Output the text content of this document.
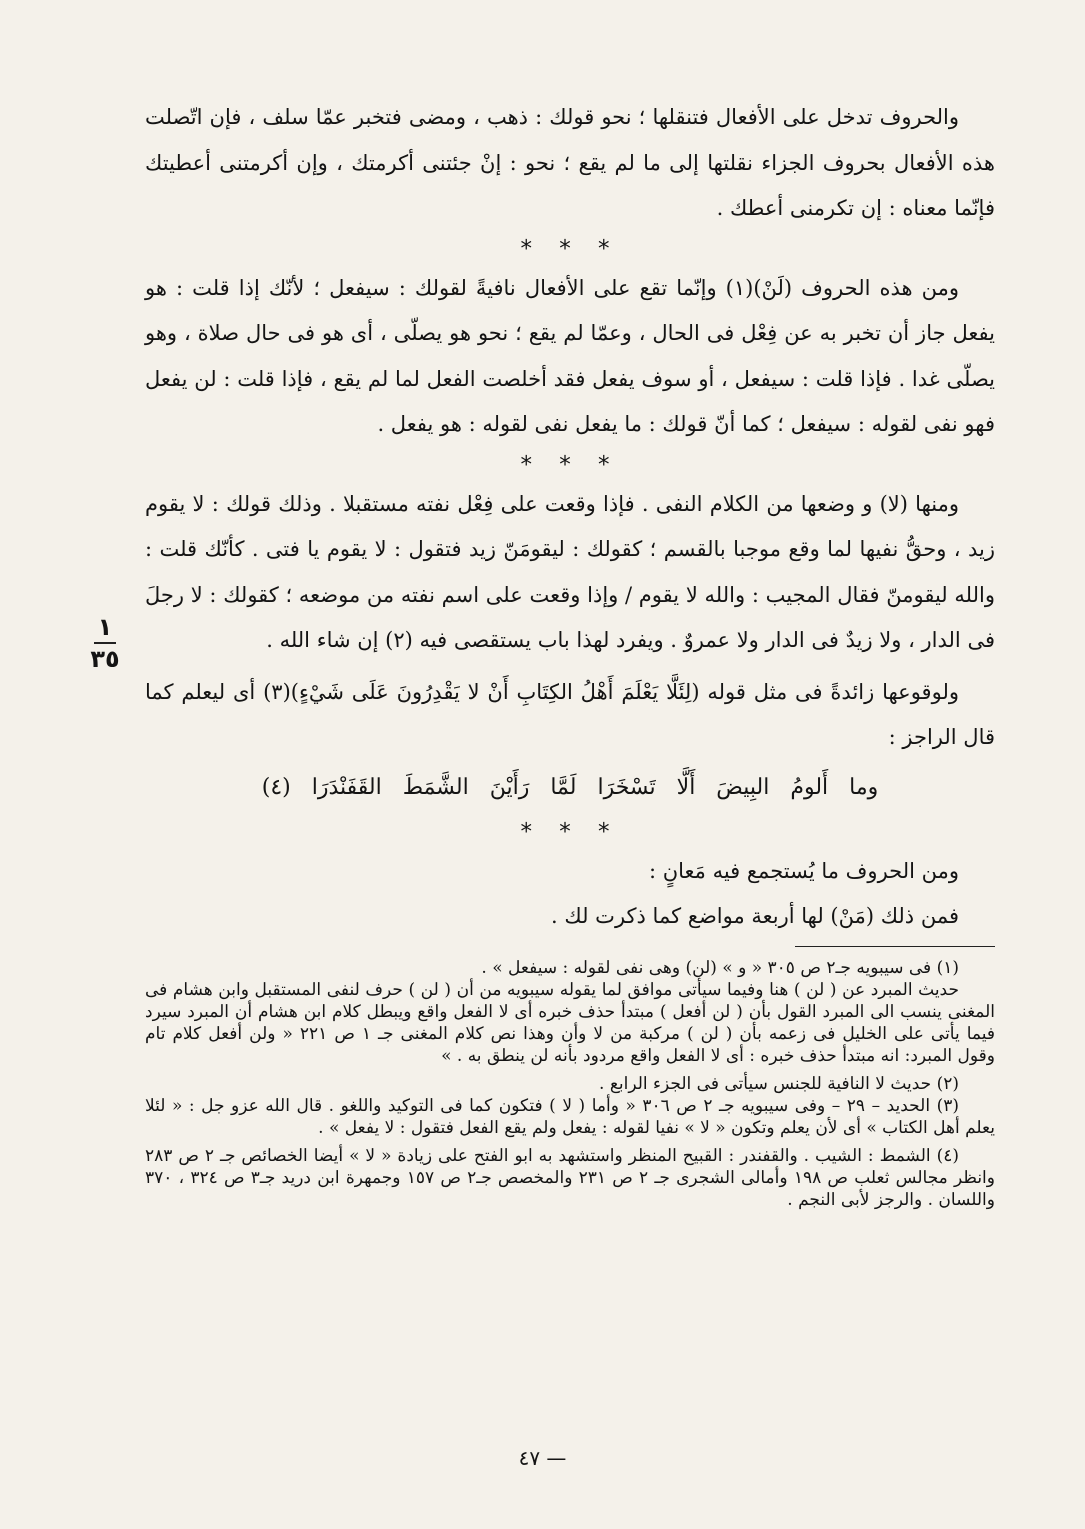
والحروف تدخل على الأفعال فتنقلها ؛ نحو قولك : ذهب ، ومضى فتخبر عمّا سلف ، فإن اتّصلت هذه الأفعال بحروف الجزاء نقلتها إلى ما لم يقع ؛ نحو : إنْ جئتنى أكرمتك ، وإن أكرمتنى أعطيتك فإنّما معناه : إن تكرمنى أعطك .

* * *

ومن هذه الحروف (لَنْ)(١) وإنّما تقع على الأفعال نافيةً لقولك : سيفعل ؛ لأنّك إذا قلت : هو يفعل جاز أن تخبر به عن فِعْل فى الحال ، وعمّا لم يقع ؛ نحو هو يصلّى ، أى هو فى حال صلاة ، وهو يصلّى غدا . فإذا قلت : سيفعل ، أو سوف يفعل فقد أخلصت الفعل لما لم يقع ، فإذا قلت : لن يفعل فهو نفى لقوله : سيفعل ؛ كما أنّ قولك : ما يفعل نفى لقوله : هو يفعل .

* * *

ومنها (لا) و وضعها من الكلام النفى . فإذا وقعت على فِعْل نفته مستقبلا . وذلك قولك : لا يقوم زيد ، وحقُّ نفيها لما وقع موجبا بالقسم ؛ كقولك : ليقومَنّ زيد فتقول : لا يقوم يا فتى . كأنّك قلت : والله ليقومنّ فقال المجيب : والله لا يقوم / وإذا وقعت على اسم نفته من موضعه ؛ كقولك : لا رجلَ فى الدار ، ولا زيدٌ فى الدار ولا عمروٌ . ويفرد لهذا باب يستقصى فيه (٢) إن شاء الله .

ولوقوعها زائدةً فى مثل قوله (لِئَلَّا يَعْلَمَ أَهْلُ الكِتَابِ أَنْ لا يَقْدِرُونَ عَلَى شَيْءٍ)(٣) أى ليعلم كما قال الراجز :

وما أَلومُ البِيضَ أَلَّا تَسْخَرَا لَمَّا رَأَيْنَ الشَّمَطَ القَفَنْدَرَا (٤)

* * *

ومن الحروف ما يُستجمع فيه مَعانٍ :

فمن ذلك (مَنْ) لها أربعة مواضع كما ذكرت لك .

(١) فى سيبويه جـ٢ ص ٣٠٥ « و » (لن) وهى نفى لقوله : سيفعل » .

حديث المبرد عن ( لن ) هنا وفيما سيأتى موافق لما يقوله سيبويه من أن ( لن ) حرف لنفى المستقبل وابن هشام فى المغنى ينسب الى المبرد القول بأن ( لن أفعل ) مبتدأ حذف خبره أى لا الفعل واقع ويبطل كلام ابن هشام أن المبرد سيرد فيما يأتى على الخليل فى زعمه بأن ( لن ) مركبة من لا وأن وهذا نص كلام المغنى جـ ١ ص ٢٢١ « ولن أفعل كلام تام وقول المبرد: انه مبتدأ حذف خبره : أى لا الفعل واقع مردود بأنه لن ينطق به . »

(٢) حديث لا النافية للجنس سيأتى فى الجزء الرابع .

(٣) الحديد – ٢٩ – وفى سيبويه جـ ٢ ص ٣٠٦ « وأما ( لا ) فتكون كما فى التوكيد واللغو . قال الله عزو جل : « لئلا يعلم أهل الكتاب » أى لأن يعلم وتكون « لا » نفيا لقوله : يفعل ولم يقع الفعل فتقول : لا يفعل » .

(٤) الشمط : الشيب . والقفندر : القبيح المنظر واستشهد به ابو الفتح على زيادة « لا » أيضا الخصائص جـ ٢ ص ٢٨٣ وانظر مجالس ثعلب ص ١٩٨ وأمالى الشجرى جـ ٢ ص ٢٣١ والمخصص جـ٢ ص ١٥٧ وجمهرة ابن دريد جـ٣ ص ٣٢٤ ، ٣٧٠ واللسان . والرجز لأبى النجم .

١
٣٥
— ٤٧
